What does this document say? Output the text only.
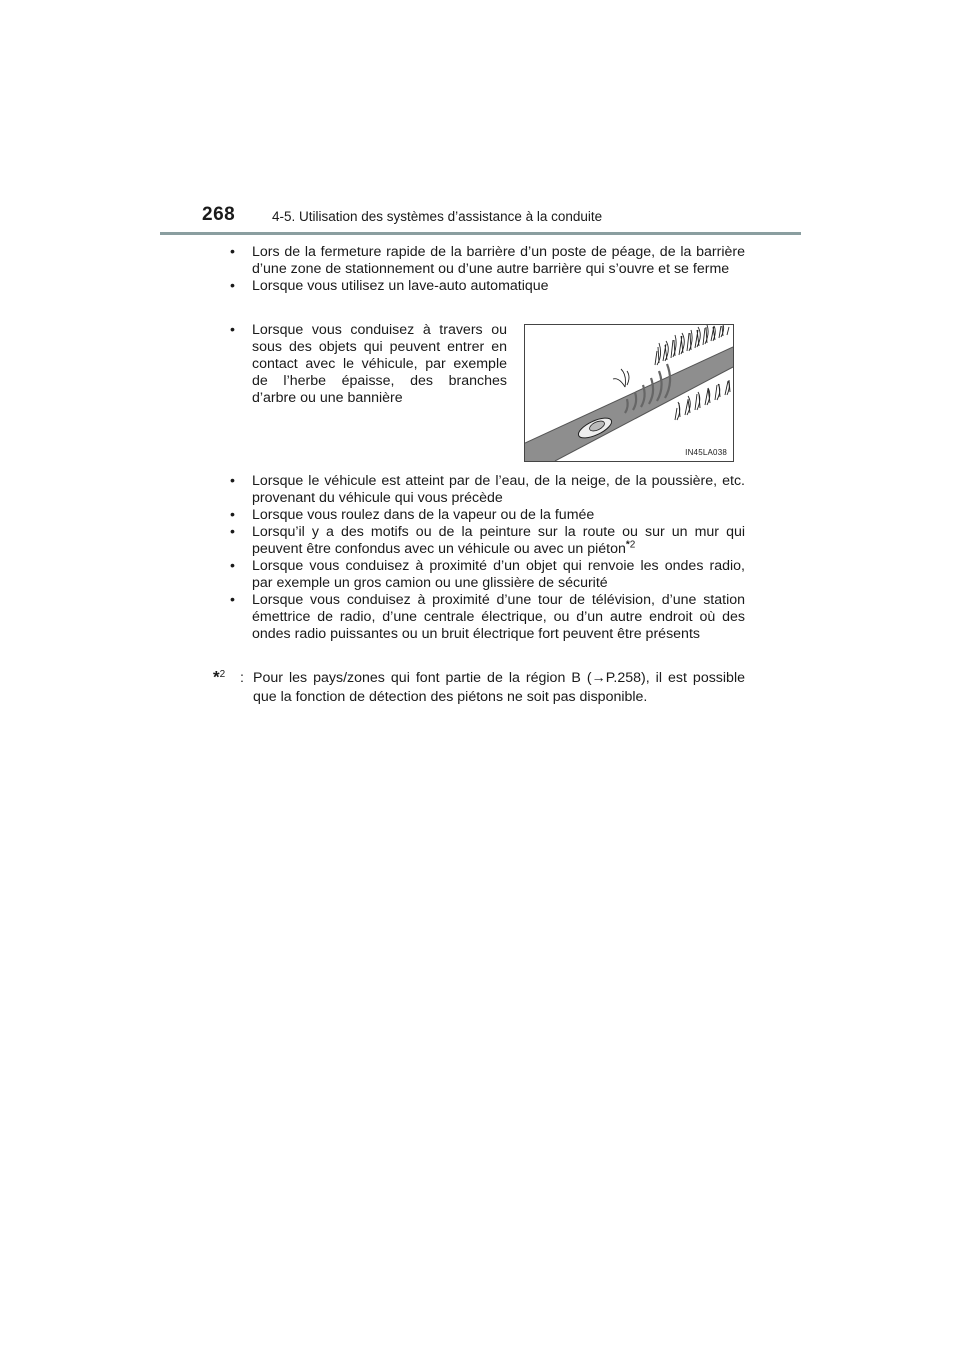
268	4-5. Utilisation des systèmes d’assistance à la conduite

• Lors de la fermeture rapide de la barrière d’un poste de péage, de la barrière d’une zone de stationnement ou d’une autre barrière qui s’ouvre et se ferme

• Lorsque vous utilisez un lave-auto automatique

• Lorsque vous conduisez à travers ou sous des objets qui peuvent entrer en contact avec le véhicule, par exemple de l’herbe épaisse, des branches d’arbre ou une bannière

IN45LA038

• Lorsque le véhicule est atteint par de l’eau, de la neige, de la poussière, etc. provenant du véhicule qui vous précède

• Lorsque vous roulez dans de la vapeur ou de la fumée

• Lorsqu’il y a des motifs ou de la peinture sur la route ou sur un mur qui peuvent être confondus avec un véhicule ou avec un piéton$^{*2}$

• Lorsque vous conduisez à proximité d’un objet qui renvoie les ondes radio, par exemple un gros camion ou une glissière de sécurité

• Lorsque vous conduisez à proximité d’une tour de télévision, d’une station émettrice de radio, d’une centrale électrique, ou d’un autre endroit où des ondes radio puissantes ou un bruit électrique fort peuvent être présents

*$^2$ : Pour les pays/zones qui font partie de la région B (→P.258), il est possible que la fonction de détection des piétons ne soit pas disponible.
